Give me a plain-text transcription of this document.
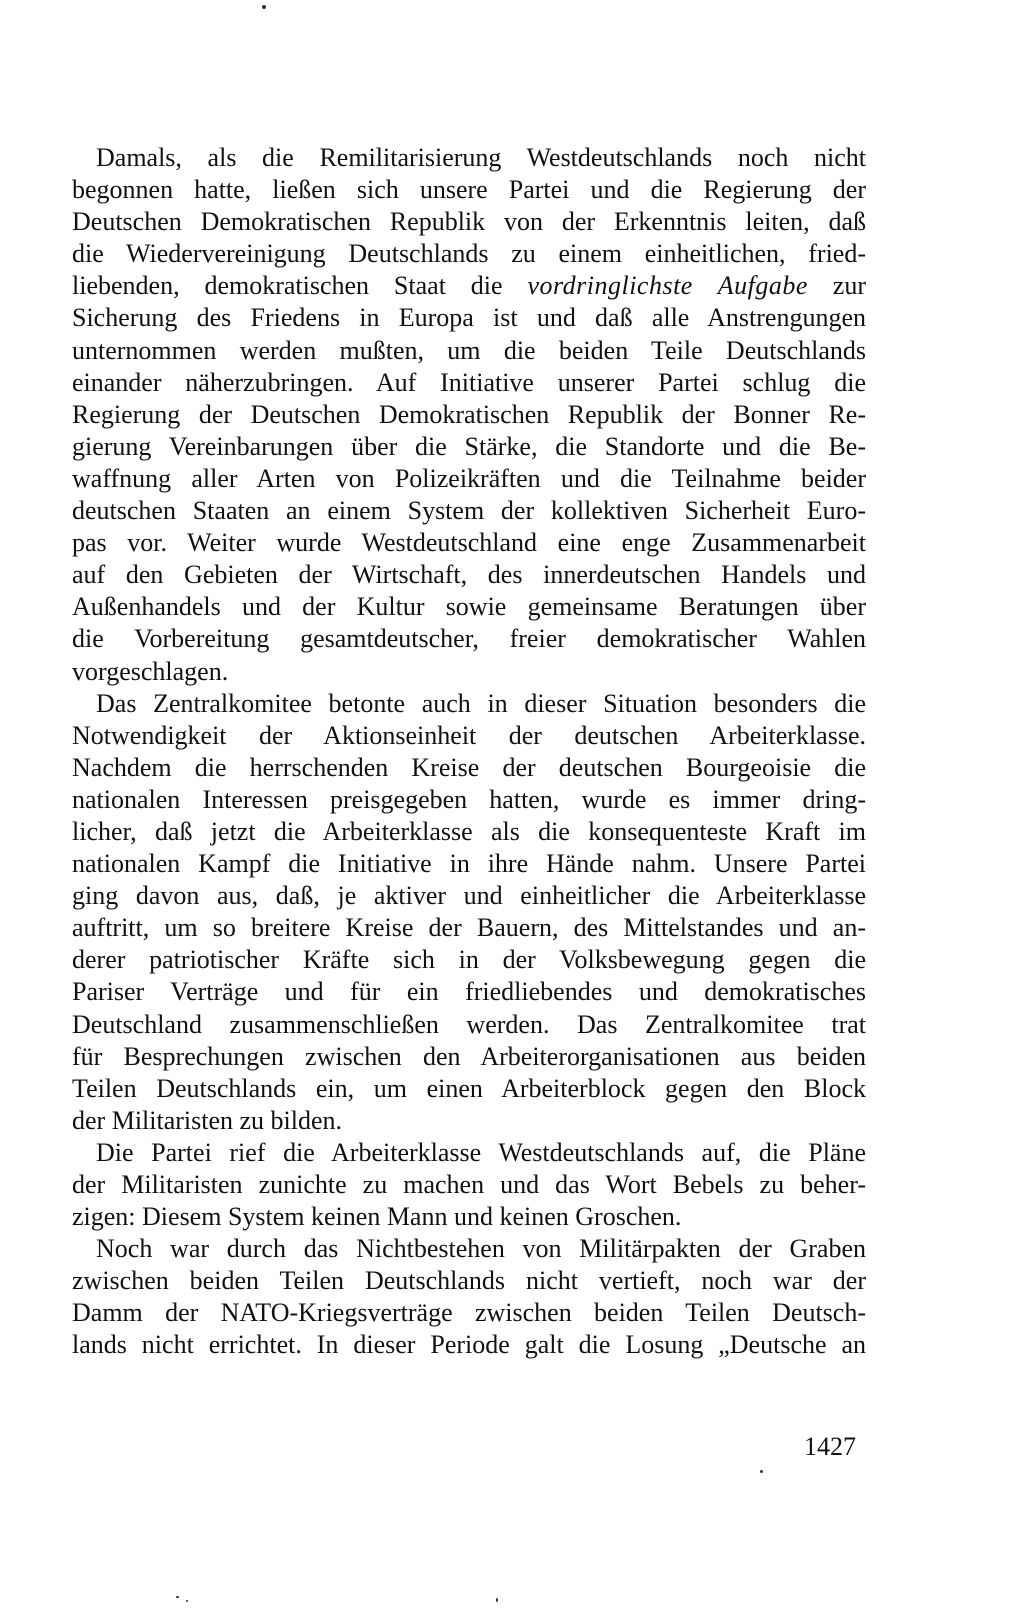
Damals, als die Remilitarisierung Westdeutschlands noch nicht
begonnen hatte, ließen sich unsere Partei und die Regierung der
Deutschen Demokratischen Republik von der Erkenntnis leiten, daß
die Wiedervereinigung Deutschlands zu einem einheitlichen, fried-
liebenden, demokratischen Staat die vordringlichste Aufgabe zur
Sicherung des Friedens in Europa ist und daß alle Anstrengungen
unternommen werden mußten, um die beiden Teile Deutschlands
einander näherzubringen. Auf Initiative unserer Partei schlug die
Regierung der Deutschen Demokratischen Republik der Bonner Re-
gierung Vereinbarungen über die Stärke, die Standorte und die Be-
waffnung aller Arten von Polizeikräften und die Teilnahme beider
deutschen Staaten an einem System der kollektiven Sicherheit Euro-
pas vor. Weiter wurde Westdeutschland eine enge Zusammenarbeit
auf den Gebieten der Wirtschaft, des innerdeutschen Handels und
Außenhandels und der Kultur sowie gemeinsame Beratungen über
die Vorbereitung gesamtdeutscher, freier demokratischer Wahlen
vorgeschlagen.
Das Zentralkomitee betonte auch in dieser Situation besonders die
Notwendigkeit der Aktionseinheit der deutschen Arbeiterklasse.
Nachdem die herrschenden Kreise der deutschen Bourgeoisie die
nationalen Interessen preisgegeben hatten, wurde es immer dring-
licher, daß jetzt die Arbeiterklasse als die konsequenteste Kraft im
nationalen Kampf die Initiative in ihre Hände nahm. Unsere Partei
ging davon aus, daß, je aktiver und einheitlicher die Arbeiterklasse
auftritt, um so breitere Kreise der Bauern, des Mittelstandes und an-
derer patriotischer Kräfte sich in der Volksbewegung gegen die
Pariser Verträge und für ein friedliebendes und demokratisches
Deutschland zusammenschließen werden. Das Zentralkomitee trat
für Besprechungen zwischen den Arbeiterorganisationen aus beiden
Teilen Deutschlands ein, um einen Arbeiterblock gegen den Block
der Militaristen zu bilden.
Die Partei rief die Arbeiterklasse Westdeutschlands auf, die Pläne
der Militaristen zunichte zu machen und das Wort Bebels zu beher-
zigen: Diesem System keinen Mann und keinen Groschen.
Noch war durch das Nichtbestehen von Militärpakten der Graben
zwischen beiden Teilen Deutschlands nicht vertieft, noch war der
Damm der NATO-Kriegsverträge zwischen beiden Teilen Deutsch-
lands nicht errichtet. In dieser Periode galt die Losung „Deutsche an
1427
